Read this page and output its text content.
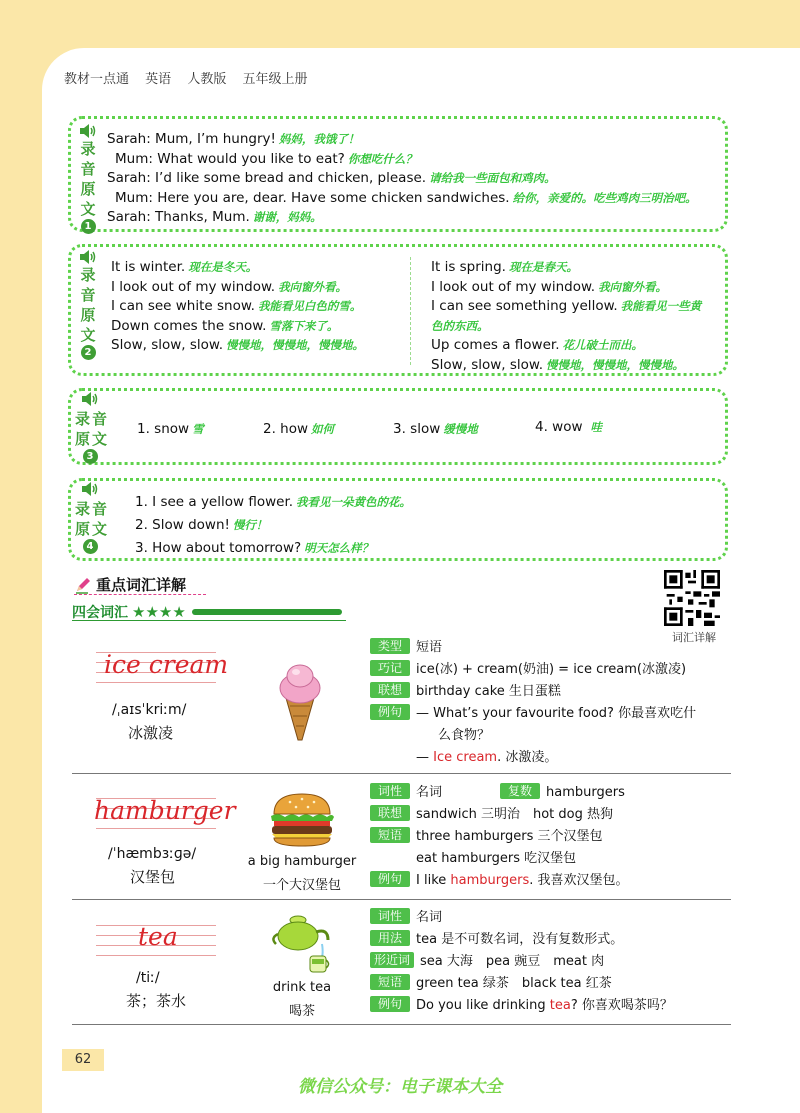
教材一点通 英语 人教版 五年级上册
录
音
原
文
1
Sarah: Mum, I’m hungry! 妈妈，我饿了！
Mum: What would you like to eat? 你想吃什么？
Sarah: I’d like some bread and chicken, please. 请给我一些面包和鸡肉。
Mum: Here you are, dear. Have some chicken sandwiches. 给你，亲爱的。吃些鸡肉三明治吧。
Sarah: Thanks, Mum. 谢谢，妈妈。
录
音
原
文
2
It is winter. 现在是冬天。
I look out of my window. 我向窗外看。
I can see white snow. 我能看见白色的雪。
Down comes the snow. 雪落下来了。
Slow, slow, slow. 慢慢地，慢慢地，慢慢地。
It is spring. 现在是春天。
I look out of my window. 我向窗外看。
I can see something yellow. 我能看见一些黄
色的东西。
Up comes a flower. 花儿破土而出。
Slow, slow, slow. 慢慢地，慢慢地，慢慢地。
录 音
原 文
3
1. snow 雪	2. how 如何	3. slow 缓慢地	4. wow 哇
录 音
原 文
4
1. I see a yellow flower. 我看见一朵黄色的花。
2. Slow down! 慢行！
3. How about tomorrow? 明天怎么样？
重点词汇详解
四会词汇 ★★★★
词汇详解
ice cream
/ˌaɪsˈkriːm/
冰激凌
类型 短语
巧记 ice(冰) + cream(奶油) = ice cream(冰激凌)
联想 birthday cake 生日蛋糕
例句 — What’s your favourite food? 你最喜欢吃什
么食物？
— Ice cream. 冰激凌。
hamburger
/ˈhæmbɜːɡə/
汉堡包
a big hamburger
一个大汉堡包
词性 名词	复数 hamburgers
联想 sandwich 三明治　hot dog 热狗
短语 three hamburgers 三个汉堡包
eat hamburgers 吃汉堡包
例句 I like hamburgers. 我喜欢汉堡包。
tea
/tiː/
茶；茶水
drink tea
喝茶
词性 名词
用法 tea 是不可数名词，没有复数形式。
形近词 sea 大海　pea 豌豆　meat 肉
短语 green tea 绿茶　black tea 红茶
例句 Do you like drinking tea? 你喜欢喝茶吗？
62
微信公众号：电子课本大全
